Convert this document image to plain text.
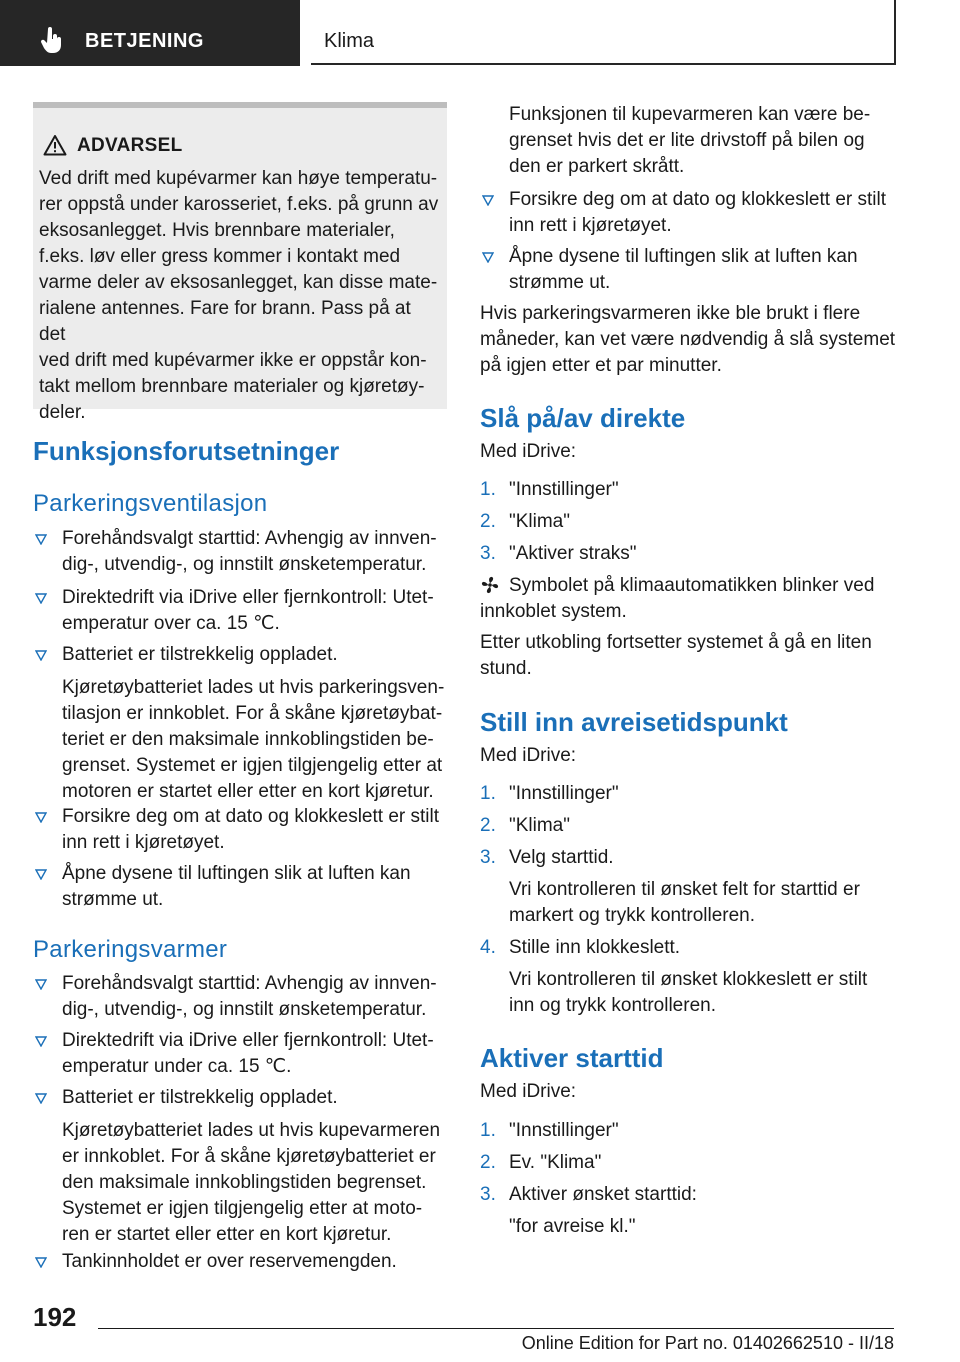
BETJENING	Klima
ADVARSEL
Ved drift med kupévarmer kan høye temperatu-
rer oppstå under karosseriet, f.eks. på grunn av
eksosanlegget. Hvis brennbare materialer,
f.eks. løv eller gress kommer i kontakt med
varme deler av eksosanlegget, kan disse mate-
rialene antennes. Fare for brann. Pass på at det
ved drift med kupévarmer ikke er oppstår kon-
takt mellom brennbare materialer og kjøretøy-
deler.
Funksjonsforutsetninger
Parkeringsventilasjon
Forehåndsvalgt starttid: Avhengig av innven-
dig-, utvendig-, og innstilt ønsketemperatur.
Direktedrift via iDrive eller fjernkontroll: Utet-
emperatur over ca. 15 ℃.
Batteriet er tilstrekkelig oppladet.
Kjøretøybatteriet lades ut hvis parkeringsven-
tilasjon er innkoblet. For å skåne kjøretøybat-
teriet er den maksimale innkoblingstiden be-
grenset. Systemet er igjen tilgjengelig etter at
motoren er startet eller etter en kort kjøretur.
Forsikre deg om at dato og klokkeslett er stilt
inn rett i kjøretøyet.
Åpne dysene til luftingen slik at luften kan
strømme ut.
Parkeringsvarmer
Forehåndsvalgt starttid: Avhengig av innven-
dig-, utvendig-, og innstilt ønsketemperatur.
Direktedrift via iDrive eller fjernkontroll: Utet-
emperatur under ca. 15 ℃.
Batteriet er tilstrekkelig oppladet.
Kjøretøybatteriet lades ut hvis kupevarmeren
er innkoblet. For å skåne kjøretøybatteriet er
den maksimale innkoblingstiden begrenset.
Systemet er igjen tilgjengelig etter at moto-
ren er startet eller etter en kort kjøretur.
Tankinnholdet er over reservemengden.
Funksjonen til kupevarmeren kan være be-
grenset hvis det er lite drivstoff på bilen og
den er parkert skrått.
Forsikre deg om at dato og klokkeslett er stilt
inn rett i kjøretøyet.
Åpne dysene til luftingen slik at luften kan
strømme ut.
Hvis parkeringsvarmeren ikke ble brukt i flere
måneder, kan vet være nødvendig å slå systemet
på igjen etter et par minutter.
Slå på/av direkte
Med iDrive:
1. "Innstillinger"
2. "Klima"
3. "Aktiver straks"
Symbolet på klimaautomatikken blinker ved
innkoblet system.
Etter utkobling fortsetter systemet å gå en liten
stund.
Still inn avreisetidspunkt
Med iDrive:
1. "Innstillinger"
2. "Klima"
3. Velg starttid.
Vri kontrolleren til ønsket felt for starttid er
markert og trykk kontrolleren.
4. Stille inn klokkeslett.
Vri kontrolleren til ønsket klokkeslett er stilt
inn og trykk kontrolleren.
Aktiver starttid
Med iDrive:
1. "Innstillinger"
2. Ev. "Klima"
3. Aktiver ønsket starttid:
"for avreise kl."
192
Online Edition for Part no. 01402662510 - II/18
